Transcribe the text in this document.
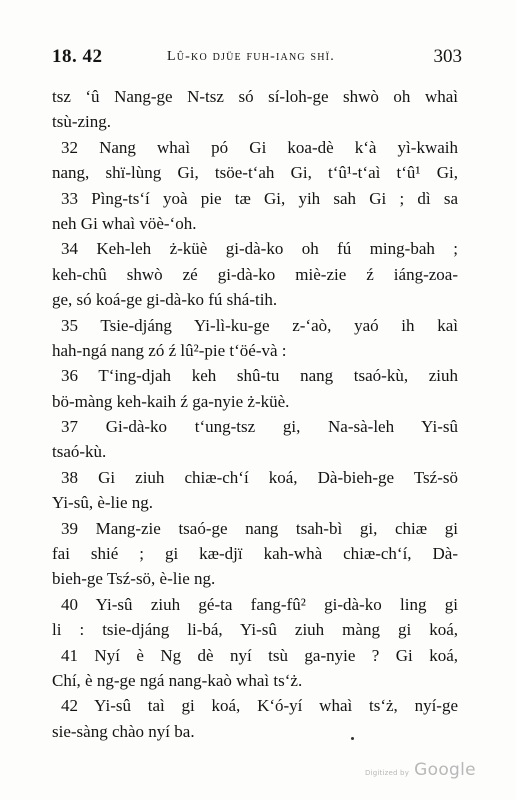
18. 42	Lû-ko djüe fuh-iang shï.	303
tsz ‘û Nang-ge N-tsz só sí-loh-ge shwò oh whaì
tsù-zing.
32 Nang whaì pó Gi koa-dè k‘à yì-kwaih
nang, shï-lùng Gi, tsöe-t‘ah Gi, t‘û¹-t‘aì t‘û¹ Gi,
33 Pìng-ts‘í yoà pie tæ Gi, yih sah Gi ; dì sa
neh Gi whaì vöè-‘oh.
34 Keh-leh ż-küè gi-dà-ko oh fú ming-bah ;
keh-chû shwò zé gi-dà-ko miè-zie ź iáng-zoa-
ge, só koá-ge gi-dà-ko fú shá-tih.
35 Tsie-djáng Yi-lì-ku-ge z-‘aò, yaó ih kaì
hah-ngá nang zó ź lû²-pie t‘öé-và :
36 T‘ing-djah keh shû-tu nang tsaó-kù, ziuh
bö-màng keh-kaih ź ga-nyie ż-küè.
37 Gi-dà-ko t‘ung-tsz gi, Na-sà-leh Yi-sû
tsaó-kù.
38 Gi ziuh chiæ-ch‘í koá, Dà-bieh-ge Tsź-sö
Yi-sû, è-lie ng.
39 Mang-zie tsaó-ge nang tsah-bì gi, chiæ gi
fai shié ; gi kæ-djï kah-whà chiæ-ch‘í, Dà-
bieh-ge Tsź-sö, è-lie ng.
40 Yi-sû ziuh gé-ta fang-fû² gi-dà-ko ling gi
li : tsie-djáng li-bá, Yi-sû ziuh màng gi koá,
41 Nyí è Ng dè nyí tsù ga-nyie ? Gi koá,
Chí, è ng-ge ngá nang-kaò whaì ts‘ż.
42 Yi-sû taì gi koá, K‘ó-yí whaì ts‘ż, nyí-ge
sie-sàng chào nyí ba.
Digitized by Google
